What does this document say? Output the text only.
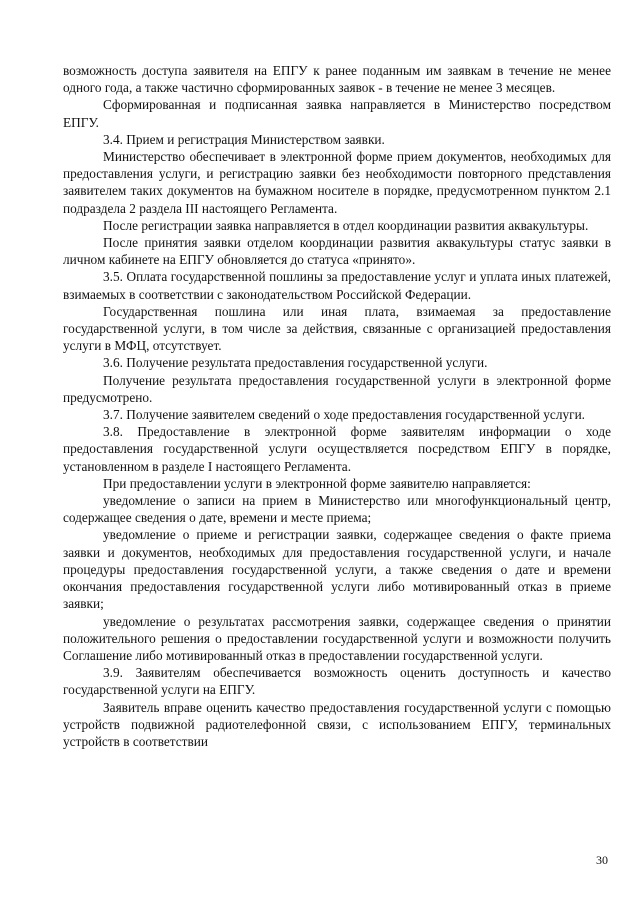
возможность доступа заявителя на ЕПГУ к ранее поданным им заявкам в течение не менее одного года, а также частично сформированных заявок - в течение не менее 3 месяцев.

Сформированная и подписанная заявка направляется в Министерство посредством ЕПГУ.

3.4. Прием и регистрация Министерством заявки.

Министерство обеспечивает в электронной форме прием документов, необходимых для предоставления услуги, и регистрацию заявки без необходимости повторного представления заявителем таких документов на бумажном носителе в порядке, предусмотренном пунктом 2.1 подраздела 2 раздела III настоящего Регламента.

После регистрации заявка направляется в отдел координации развития аквакультуры.

После принятия заявки отделом координации развития аквакультуры статус заявки в личном кабинете на ЕПГУ обновляется до статуса «принято».

3.5. Оплата государственной пошлины за предоставление услуг и уплата иных платежей, взимаемых в соответствии с законодательством Российской Федерации.

Государственная пошлина или иная плата, взимаемая за предоставление государственной услуги, в том числе за действия, связанные с организацией предоставления услуги в МФЦ, отсутствует.

3.6. Получение результата предоставления государственной услуги.

Получение результата предоставления государственной услуги в электронной форме предусмотрено.

3.7. Получение заявителем сведений о ходе предоставления государственной услуги.

3.8. Предоставление в электронной форме заявителям информации о ходе предоставления государственной услуги осуществляется посредством ЕПГУ в порядке, установленном в разделе I настоящего Регламента.

При предоставлении услуги в электронной форме заявителю направляется:

уведомление о записи на прием в Министерство или многофункциональный центр, содержащее сведения о дате, времени и месте приема;

уведомление о приеме и регистрации заявки, содержащее сведения о факте приема заявки и документов, необходимых для предоставления государственной услуги, и начале процедуры предоставления государственной услуги, а также сведения о дате и времени окончания предоставления государственной услуги либо мотивированный отказ в приеме заявки;

уведомление о результатах рассмотрения заявки, содержащее сведения о принятии положительного решения о предоставлении государственной услуги и возможности получить Соглашение либо мотивированный отказ в предоставлении государственной услуги.

3.9. Заявителям обеспечивается возможность оценить доступность и качество государственной услуги на ЕПГУ.

Заявитель вправе оценить качество предоставления государственной услуги с помощью устройств подвижной радиотелефонной связи, с использованием ЕПГУ, терминальных устройств в соответствии

30
